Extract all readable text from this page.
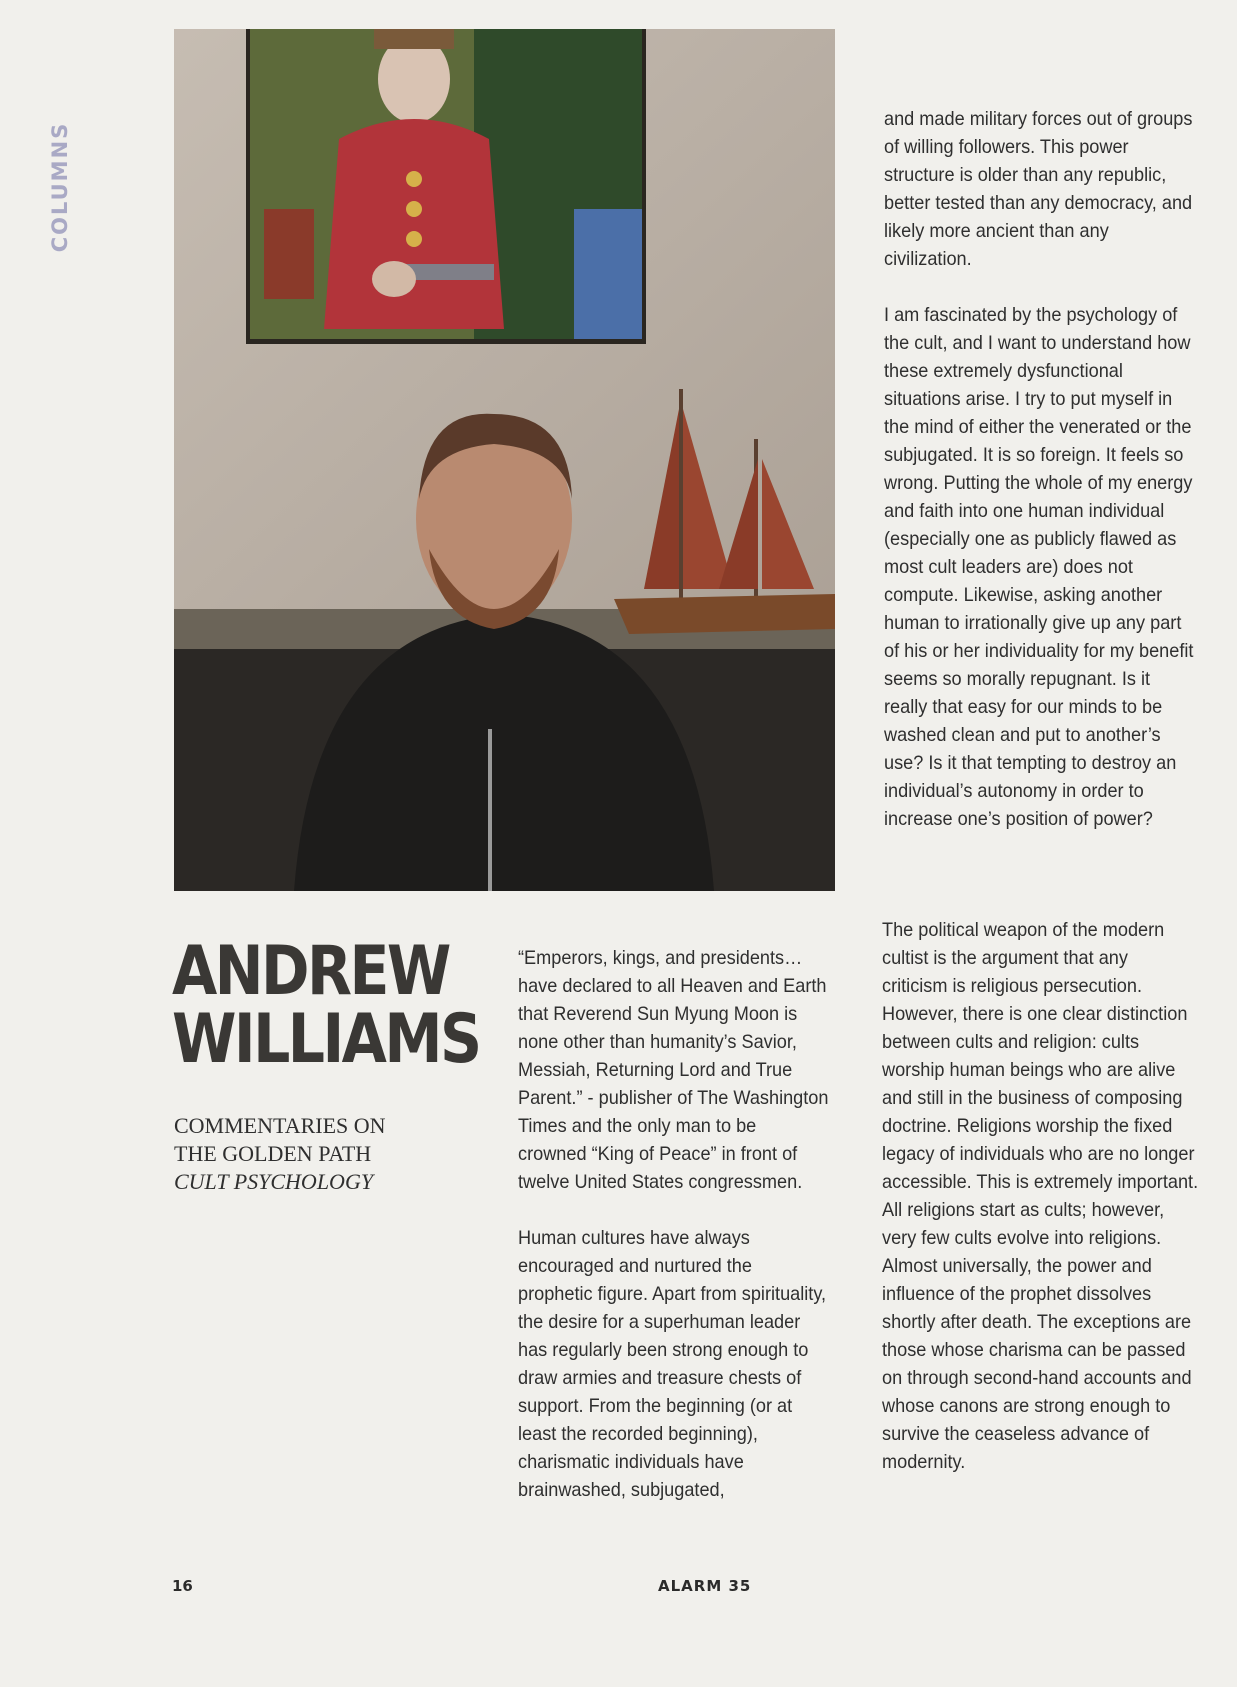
COLUMNS
ANDREW
WILLIAMS
COMMENTARIES ON
THE GOLDEN PATH
CULT PSYCHOLOGY

“Emperors, kings, and presidents… have declared to all Heaven and Earth that Reverend Sun Myung Moon is none other than humanity’s Savior, Messiah, Returning Lord and True Parent.” - publisher of The Washington Times and the only man to be crowned “King of Peace” in front of twelve United States congressmen.

Human cultures have always encouraged and nurtured the prophetic figure. Apart from spirituality, the desire for a superhuman leader has regularly been strong enough to draw armies and treasure chests of support. From the beginning (or at least the recorded beginning), charismatic individuals have brainwashed, subjugated,

and made military forces out of groups of willing followers. This power structure is older than any republic, better tested than any democracy, and likely more ancient than any civilization.

I am fascinated by the psychology of the cult, and I want to understand how these extremely dysfunctional situations arise. I try to put myself in the mind of either the venerated or the subjugated. It is so foreign. It feels so wrong. Putting the whole of my energy and faith into one human individual (especially one as publicly flawed as most cult leaders are) does not compute. Likewise, asking another human to irrationally give up any part of his or her individuality for my benefit seems so morally repugnant. Is it really that easy for our minds to be washed clean and put to another’s use? Is it that tempting to destroy an individual’s autonomy in order to increase one’s position of power?

The political weapon of the modern cultist is the argument that any criticism is religious persecution. However, there is one clear distinction between cults and religion: cults worship human beings who are alive and still in the business of composing doctrine. Religions worship the fixed legacy of individuals who are no longer accessible. This is extremely important. All religions start as cults; however, very few cults evolve into religions. Almost universally, the power and influence of the prophet dissolves shortly after death. The exceptions are those whose charisma can be passed on through second-hand accounts and whose canons are strong enough to survive the ceaseless advance of modernity.

16	ALARM 35
